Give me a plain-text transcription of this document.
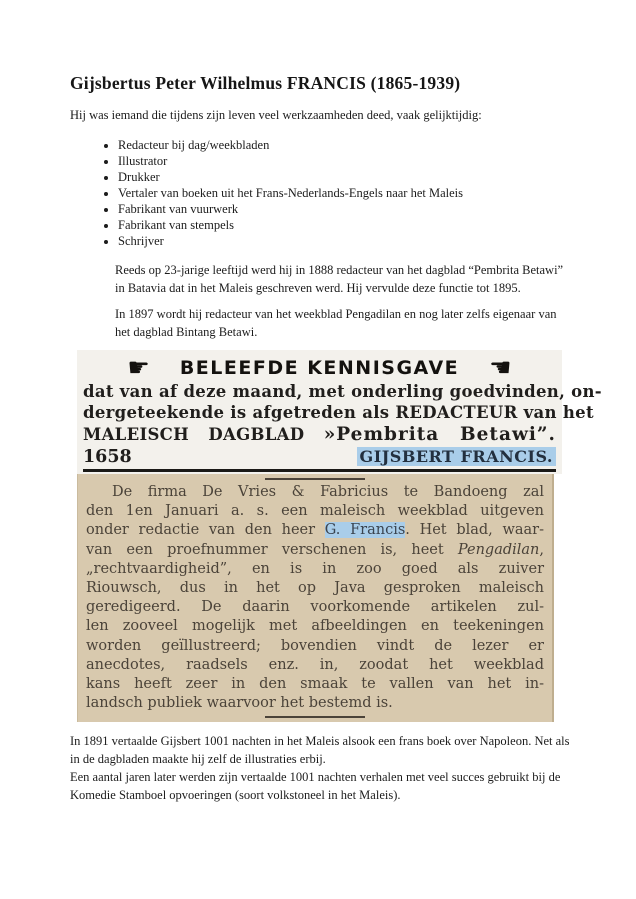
Gijsbertus Peter Wilhelmus FRANCIS (1865-1939)
Hij was iemand die tijdens zijn leven veel werkzaamheden deed, vaak gelijktijdig:
• Redacteur bij dag/weekbladen
• Illustrator
• Drukker
• Vertaler van boeken uit het Frans-Nederlands-Engels naar het Maleis
• Fabrikant van vuurwerk
• Fabrikant van stempels
• Schrijver
Reeds op 23-jarige leeftijd werd hij in 1888 redacteur van het dagblad “Pembrita Betawi” in Batavia dat in het Maleis geschreven werd. Hij vervulde deze functie tot 1895.
In 1897 wordt hij redacteur van het weekblad Pengadilan en nog later zelfs eigenaar van het dagblad Bintang Betawi.
☛ BELEEFDE KENNISGAVE ☚
dat van af deze maand, met onderling goedvinden, on-
dergeteekende is afgetreden als REDACTEUR van het
MALEISCH DAGBLAD »Pembrita Betawi”.
1658	GIJSBERT FRANCIS.
De firma De Vries & Fabricius te Bandoeng zal
den 1en Januari a. s. een maleisch weekblad uitgeven
onder redactie van den heer G. Francis. Het blad, waar-
van een proefnummer verschenen is, heet Pengadilan,
„rechtvaardigheid”, en is in zoo goed als zuiver
Riouwsch, dus in het op Java gesproken maleisch
geredigeerd. De daarin voorkomende artikelen zul-
len zooveel mogelijk met afbeeldingen en teekeningen
worden geïllustreerd; bovendien vindt de lezer er
anecdotes, raadsels enz. in, zoodat het weekblad
kans heeft zeer in den smaak te vallen van het in-
landsch publiek waarvoor het bestemd is.

In 1891 vertaalde Gijsbert 1001 nachten in het Maleis alsook een frans boek over Napoleon. Net als in de dagbladen maakte hij zelf de illustraties erbij.

Een aantal jaren later werden zijn vertaalde 1001 nachten verhalen met veel succes gebruikt bij de Komedie Stamboel opvoeringen (soort volkstoneel in het Maleis).
